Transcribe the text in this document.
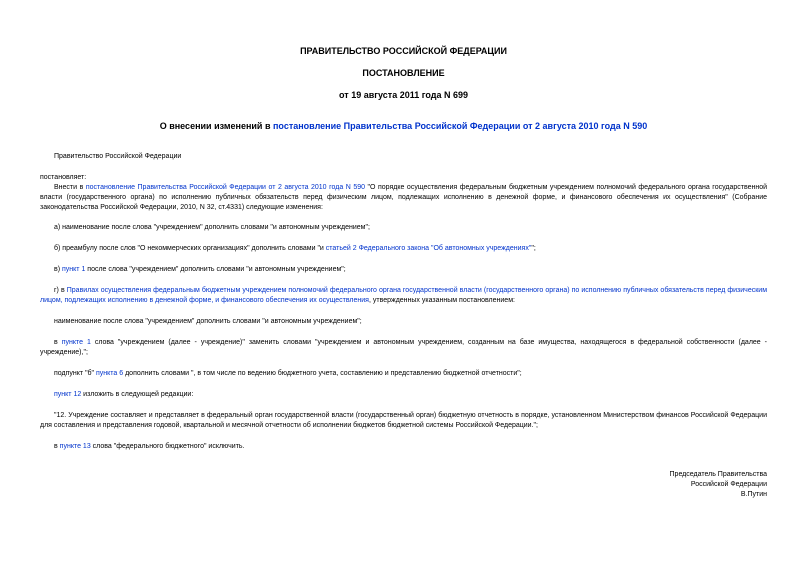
ПРАВИТЕЛЬСТВО РОССИЙСКОЙ ФЕДЕРАЦИИ
ПОСТАНОВЛЕНИЕ
от 19 августа 2011 года N 699
О внесении изменений в постановление Правительства Российской Федерации от 2 августа 2010 года N 590
Правительство Российской Федерации
постановляет:
Внести в постановление Правительства Российской Федерации от 2 августа 2010 года N 590 "О порядке осуществления федеральным бюджетным учреждением полномочий федерального органа государственной власти (государственного органа) по исполнению публичных обязательств перед физическим лицом, подлежащих исполнению в денежной форме, и финансового обеспечения их осуществления" (Собрание законодательства Российской Федерации, 2010, N 32, ст.4331) следующие изменения:
а) наименование после слова "учреждением" дополнить словами "и автономным учреждением";
б) преамбулу после слов "О некоммерческих организациях" дополнить словами "и статьей 2 Федерального закона "Об автономных учреждениях"";
в) пункт 1 после слова "учреждением" дополнить словами "и автономным учреждением";
г) в Правилах осуществления федеральным бюджетным учреждением полномочий федерального органа государственной власти (государственного органа) по исполнению публичных обязательств перед физическим лицом, подлежащих исполнению в денежной форме, и финансового обеспечения их осуществления, утвержденных указанным постановлением:
наименование после слова "учреждением" дополнить словами "и автономным учреждением";
в пункте 1 слова "учреждением (далее - учреждение)" заменить словами "учреждением и автономным учреждением, созданным на базе имущества, находящегося в федеральной собственности (далее - учреждение),";
подпункт "б" пункта 6 дополнить словами ", в том числе по ведению бюджетного учета, составлению и представлению бюджетной отчетности";
пункт 12 изложить в следующей редакции:
"12. Учреждение составляет и представляет в федеральный орган государственной власти (государственный орган) бюджетную отчетность в порядке, установленном Министерством финансов Российской Федерации для составления и представления годовой, квартальной и месячной отчетности об исполнении бюджетов бюджетной системы Российской Федерации.";
в пункте 13 слова "федерального бюджетного" исключить.
Председатель Правительства
Российской Федерации
В.Путин
